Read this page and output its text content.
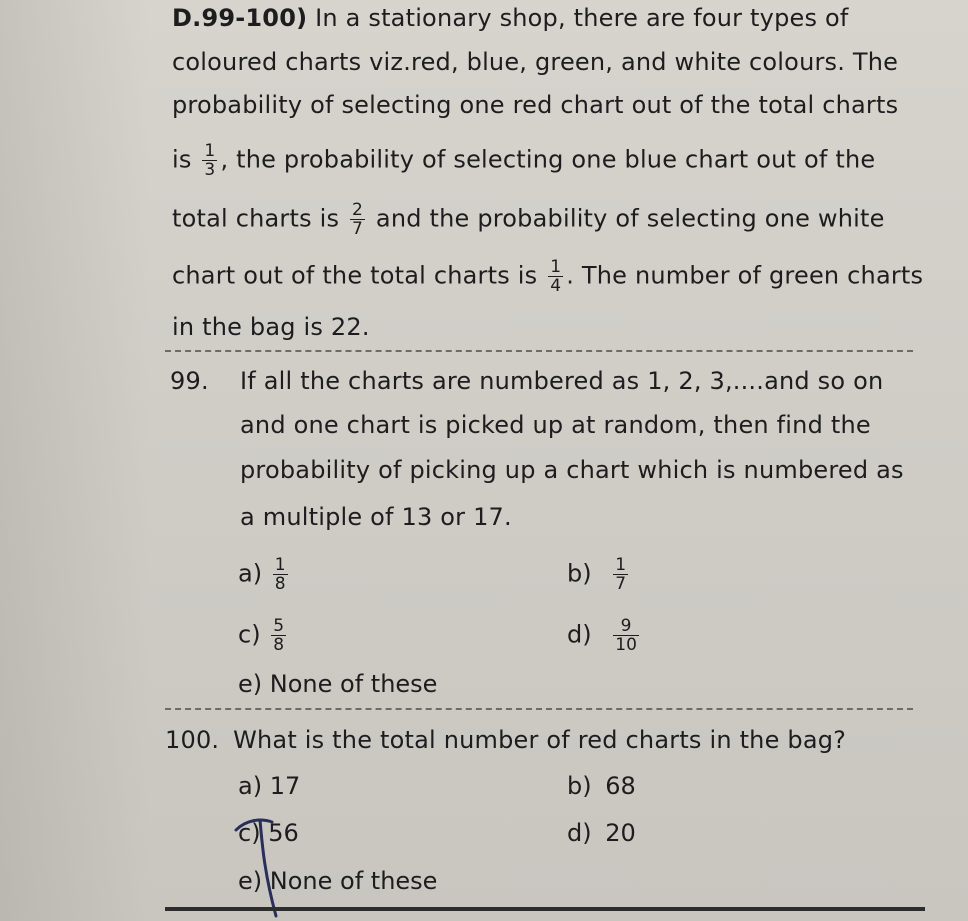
D.99-100) In a stationary shop, there are four types of
coloured charts viz.red, blue, green, and white colours. The
probability of selecting one red chart out of the total charts
is $\frac{1}{3}$ , the probability of selecting one blue chart out of the
total charts is $\frac{2}{7}$ and the probability of selecting one white
chart out of the total charts is $\frac{1}{4}$ . The number of green charts
in the bag is 22.
99. If all the charts are numbered as 1, 2, 3,....and so on
and one chart is picked up at random, then find the
probability of picking up a chart which is numbered as
a multiple of 13 or 17.
$a) \frac{1}{8}$	$b) \frac{1}{7}$
$c) \frac{5}{8}$	$d) \frac{9}{10}$
e) None of these
100. What is the total number of red charts in the bag?
a) 17	b) 68
c) 56	d) 20
e) None of these
